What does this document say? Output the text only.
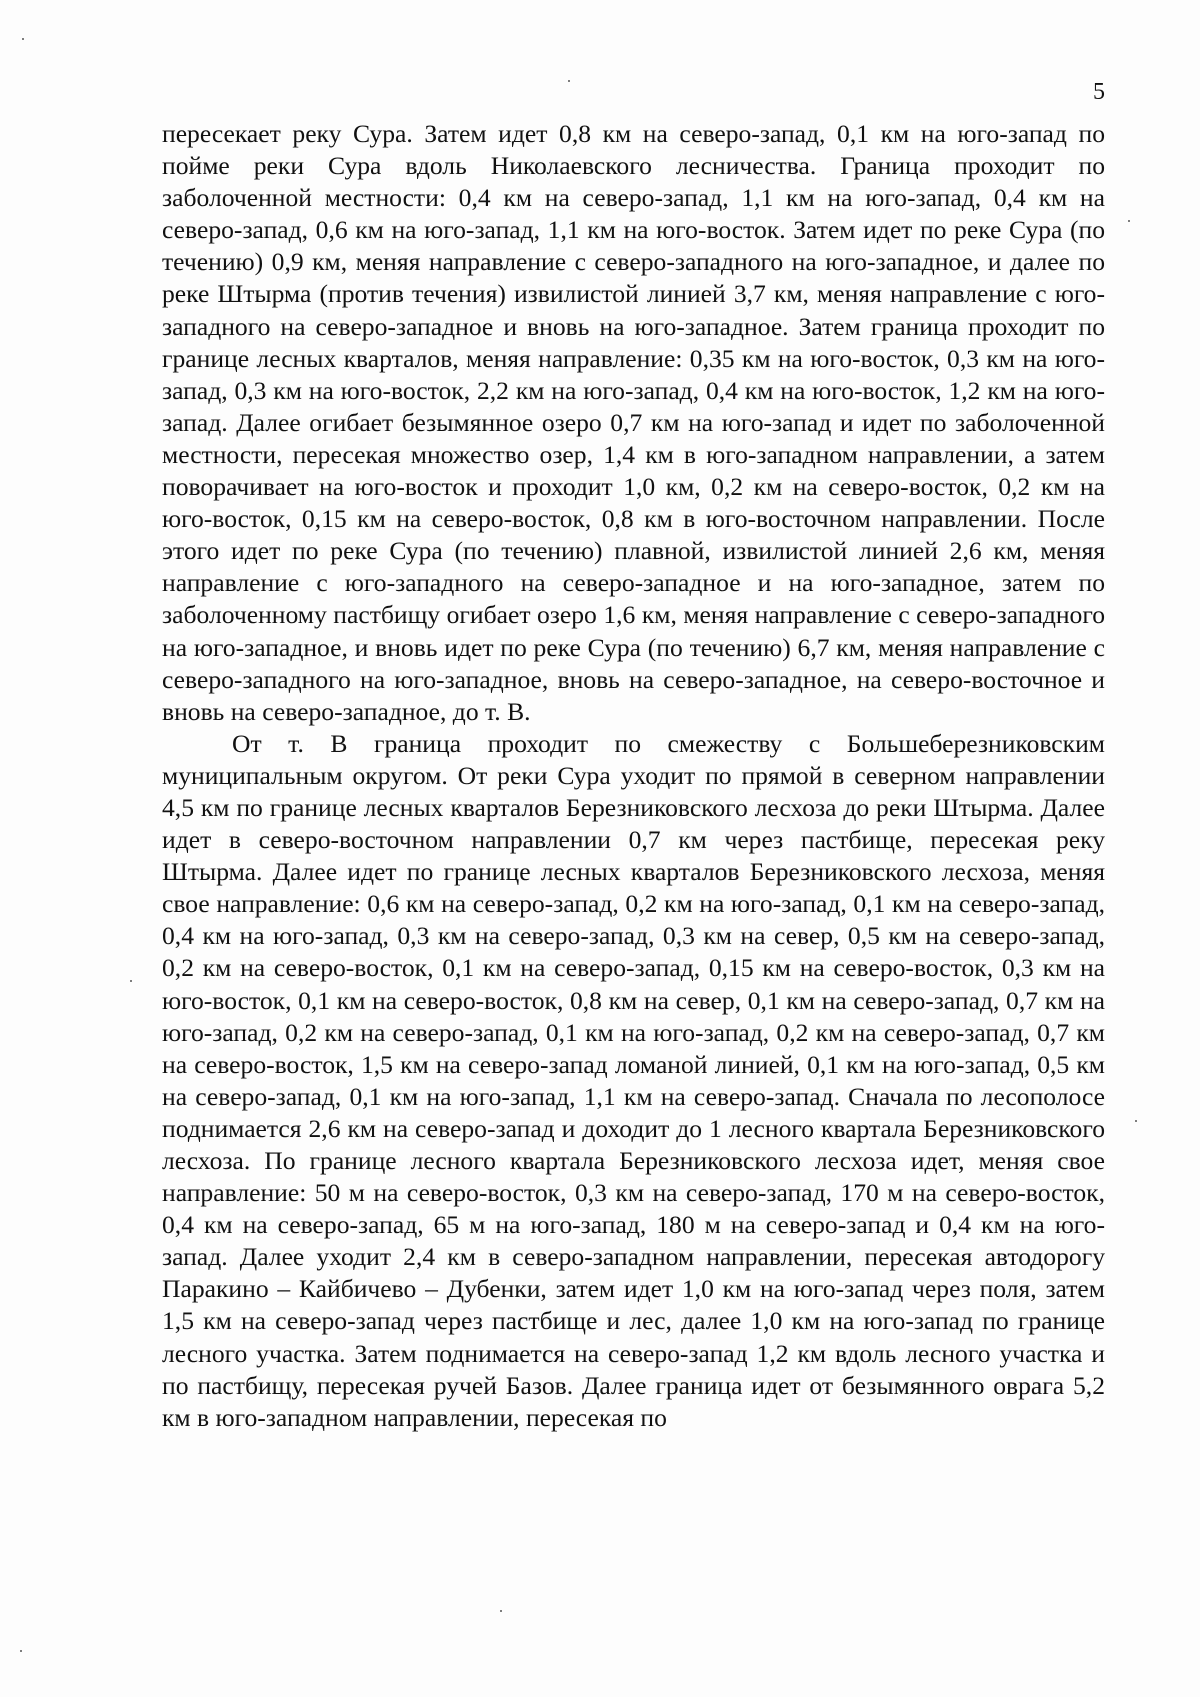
5

пересекает реку Сура. Затем идет 0,8 км на северо-запад, 0,1 км на юго-запад по пойме реки Сура вдоль Николаевского лесничества. Граница проходит по заболоченной местности: 0,4 км на северо-запад, 1,1 км на юго-запад, 0,4 км на северо-запад, 0,6 км на юго-запад, 1,1 км на юго-восток. Затем идет по реке Сура (по течению) 0,9 км, меняя направление с северо-западного на юго-западное, и далее по реке Штырма (против течения) извилистой линией 3,7 км, меняя направление с юго-западного на северо-западное и вновь на юго-западное. Затем граница проходит по границе лесных кварталов, меняя направление: 0,35 км на юго-восток, 0,3 км на юго-запад, 0,3 км на юго-восток, 2,2 км на юго-запад, 0,4 км на юго-восток, 1,2 км на юго-запад. Далее огибает безымянное озеро 0,7 км на юго-запад и идет по заболоченной местности, пересекая множество озер, 1,4 км в юго-западном направлении, а затем поворачивает на юго-восток и проходит 1,0 км, 0,2 км на северо-восток, 0,2 км на юго-восток, 0,15 км на северо-восток, 0,8 км в юго-восточном направлении. После этого идет по реке Сура (по течению) плавной, извилистой линией 2,6 км, меняя направление с юго-западного на северо-западное и на юго-западное, затем по заболоченному пастбищу огибает озеро 1,6 км, меняя направление с северо-западного на юго-западное, и вновь идет по реке Сура (по течению) 6,7 км, меняя направление с северо-западного на юго-западное, вновь на северо-западное, на северо-восточное и вновь на северо-западное, до т. В.

От т. В граница проходит по смежеству с Большеберезниковским муниципальным округом. От реки Сура уходит по прямой в северном направлении 4,5 км по границе лесных кварталов Березниковского лесхоза до реки Штырма. Далее идет в северо-восточном направлении 0,7 км через пастбище, пересекая реку Штырма. Далее идет по границе лесных кварталов Березниковского лесхоза, меняя свое направление: 0,6 км на северо-запад, 0,2 км на юго-запад, 0,1 км на северо-запад, 0,4 км на юго-запад, 0,3 км на северо-запад, 0,3 км на север, 0,5 км на северо-запад, 0,2 км на северо-восток, 0,1 км на северо-запад, 0,15 км на северо-восток, 0,3 км на юго-восток, 0,1 км на северо-восток, 0,8 км на север, 0,1 км на северо-запад, 0,7 км на юго-запад, 0,2 км на северо-запад, 0,1 км на юго-запад, 0,2 км на северо-запад, 0,7 км на северо-восток, 1,5 км на северо-запад ломаной линией, 0,1 км на юго-запад, 0,5 км на северо-запад, 0,1 км на юго-запад, 1,1 км на северо-запад. Сначала по лесополосе поднимается 2,6 км на северо-запад и доходит до 1 лесного квартала Березниковского лесхоза. По границе лесного квартала Березниковского лесхоза идет, меняя свое направление: 50 м на северо-восток, 0,3 км на северо-запад, 170 м на северо-восток, 0,4 км на северо-запад, 65 м на юго-запад, 180 м на северо-запад и 0,4 км на юго-запад. Далее уходит 2,4 км в северо-западном направлении, пересекая автодорогу Паракино – Кайбичево – Дубенки, затем идет 1,0 км на юго-запад через поля, затем 1,5 км на северо-запад через пастбище и лес, далее 1,0 км на юго-запад по границе лесного участка. Затем поднимается на северо-запад 1,2 км вдоль лесного участка и по пастбищу, пересекая ручей Базов. Далее граница идет от безымянного оврага 5,2 км в юго-западном направлении, пересекая по
